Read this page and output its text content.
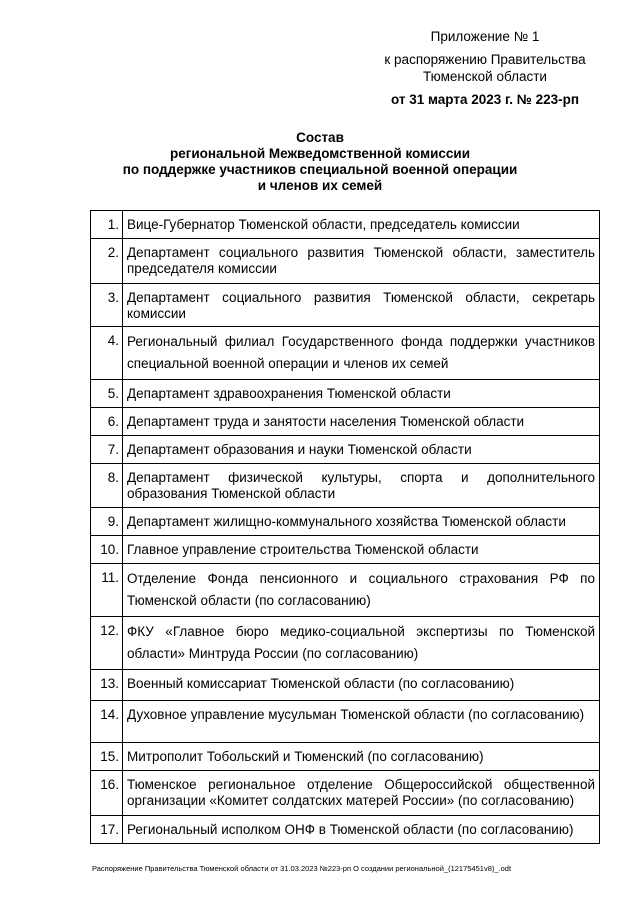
Приложение № 1
к распоряжению Правительства
Тюменской области
от 31 марта 2023 г. № 223-рп
Состав
региональной Межведомственной комиссии
по поддержке участников специальной военной операции
и членов их семей
1.	Вице-Губернатор Тюменской области, председатель комиссии
2.	Департамент социального развития Тюменской области, заместитель председателя комиссии
3.	Департамент социального развития Тюменской области, секретарь комиссии
4.	Региональный филиал Государственного фонда поддержки участников специальной военной операции и членов их семей
5.	Департамент здравоохранения Тюменской области
6.	Департамент труда и занятости населения Тюменской области
7.	Департамент образования и науки Тюменской области
8.	Департамент физической культуры, спорта и дополнительного образования Тюменской области
9.	Департамент жилищно-коммунального хозяйства Тюменской области
10.	Главное управление строительства Тюменской области
11.	Отделение Фонда пенсионного и социального страхования РФ по Тюменской области (по согласованию)
12.	ФКУ «Главное бюро медико-социальной экспертизы по Тюменской области» Минтруда России (по согласованию)
13.	Военный комиссариат Тюменской области (по согласованию)
14.	Духовное управление мусульман Тюменской области (по согласованию)
15.	Митрополит Тобольский и Тюменский (по согласованию)
16.	Тюменское региональное отделение Общероссийской общественной организации «Комитет солдатских матерей России» (по согласованию)
17.	Региональный исполком ОНФ в Тюменской области (по согласованию)
Распоряжение Правительства Тюменской области от 31.03.2023 №223-рп О создании региональной_(12175451v8)_.odt
